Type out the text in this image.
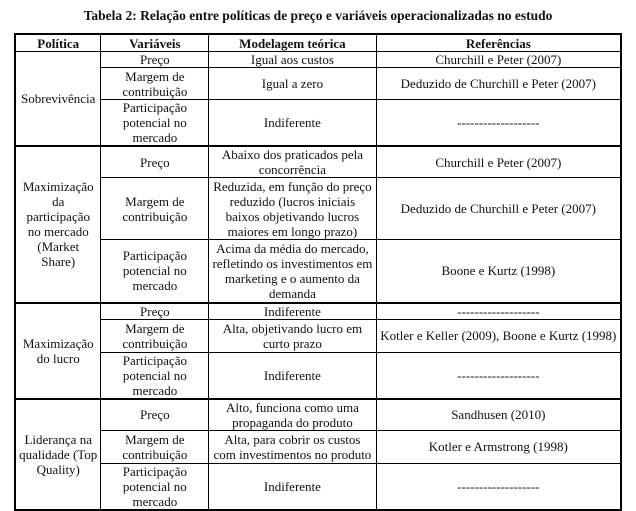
Tabela 2: Relação entre políticas de preço e variáveis operacionalizadas no estudo
Política	Variáveis	Modelagem teórica	Referências
Sobrevivência	Preço	Igual aos custos	Churchill e Peter (2007)
	Margem de contribuição	Igual a zero	Deduzido de Churchill e Peter (2007)
	Participação potencial no mercado	Indiferente	-------------------
Maximização da participação no mercado (Market Share)	Preço	Abaixo dos praticados pela concorrência	Churchill e Peter (2007)
	Margem de contribuição	Reduzida, em função do preço reduzido (lucros iniciais baixos objetivando lucros maiores em longo prazo)	Deduzido de Churchill e Peter (2007)
	Participação potencial no mercado	Acima da média do mercado, refletindo os investimentos em marketing e o aumento da demanda	Boone e Kurtz (1998)
Maximização do lucro	Preço	Indiferente	-------------------
	Margem de contribuição	Alta, objetivando lucro em curto prazo	Kotler e Keller (2009), Boone e Kurtz (1998)
	Participação potencial no mercado	Indiferente	-------------------
Liderança na qualidade (Top Quality)	Preço	Alto, funciona como uma propaganda do produto	Sandhusen (2010)
	Margem de contribuição	Alta, para cobrir os custos com investimentos no produto	Kotler e Armstrong (1998)
	Participação potencial no mercado	Indiferente	-------------------
